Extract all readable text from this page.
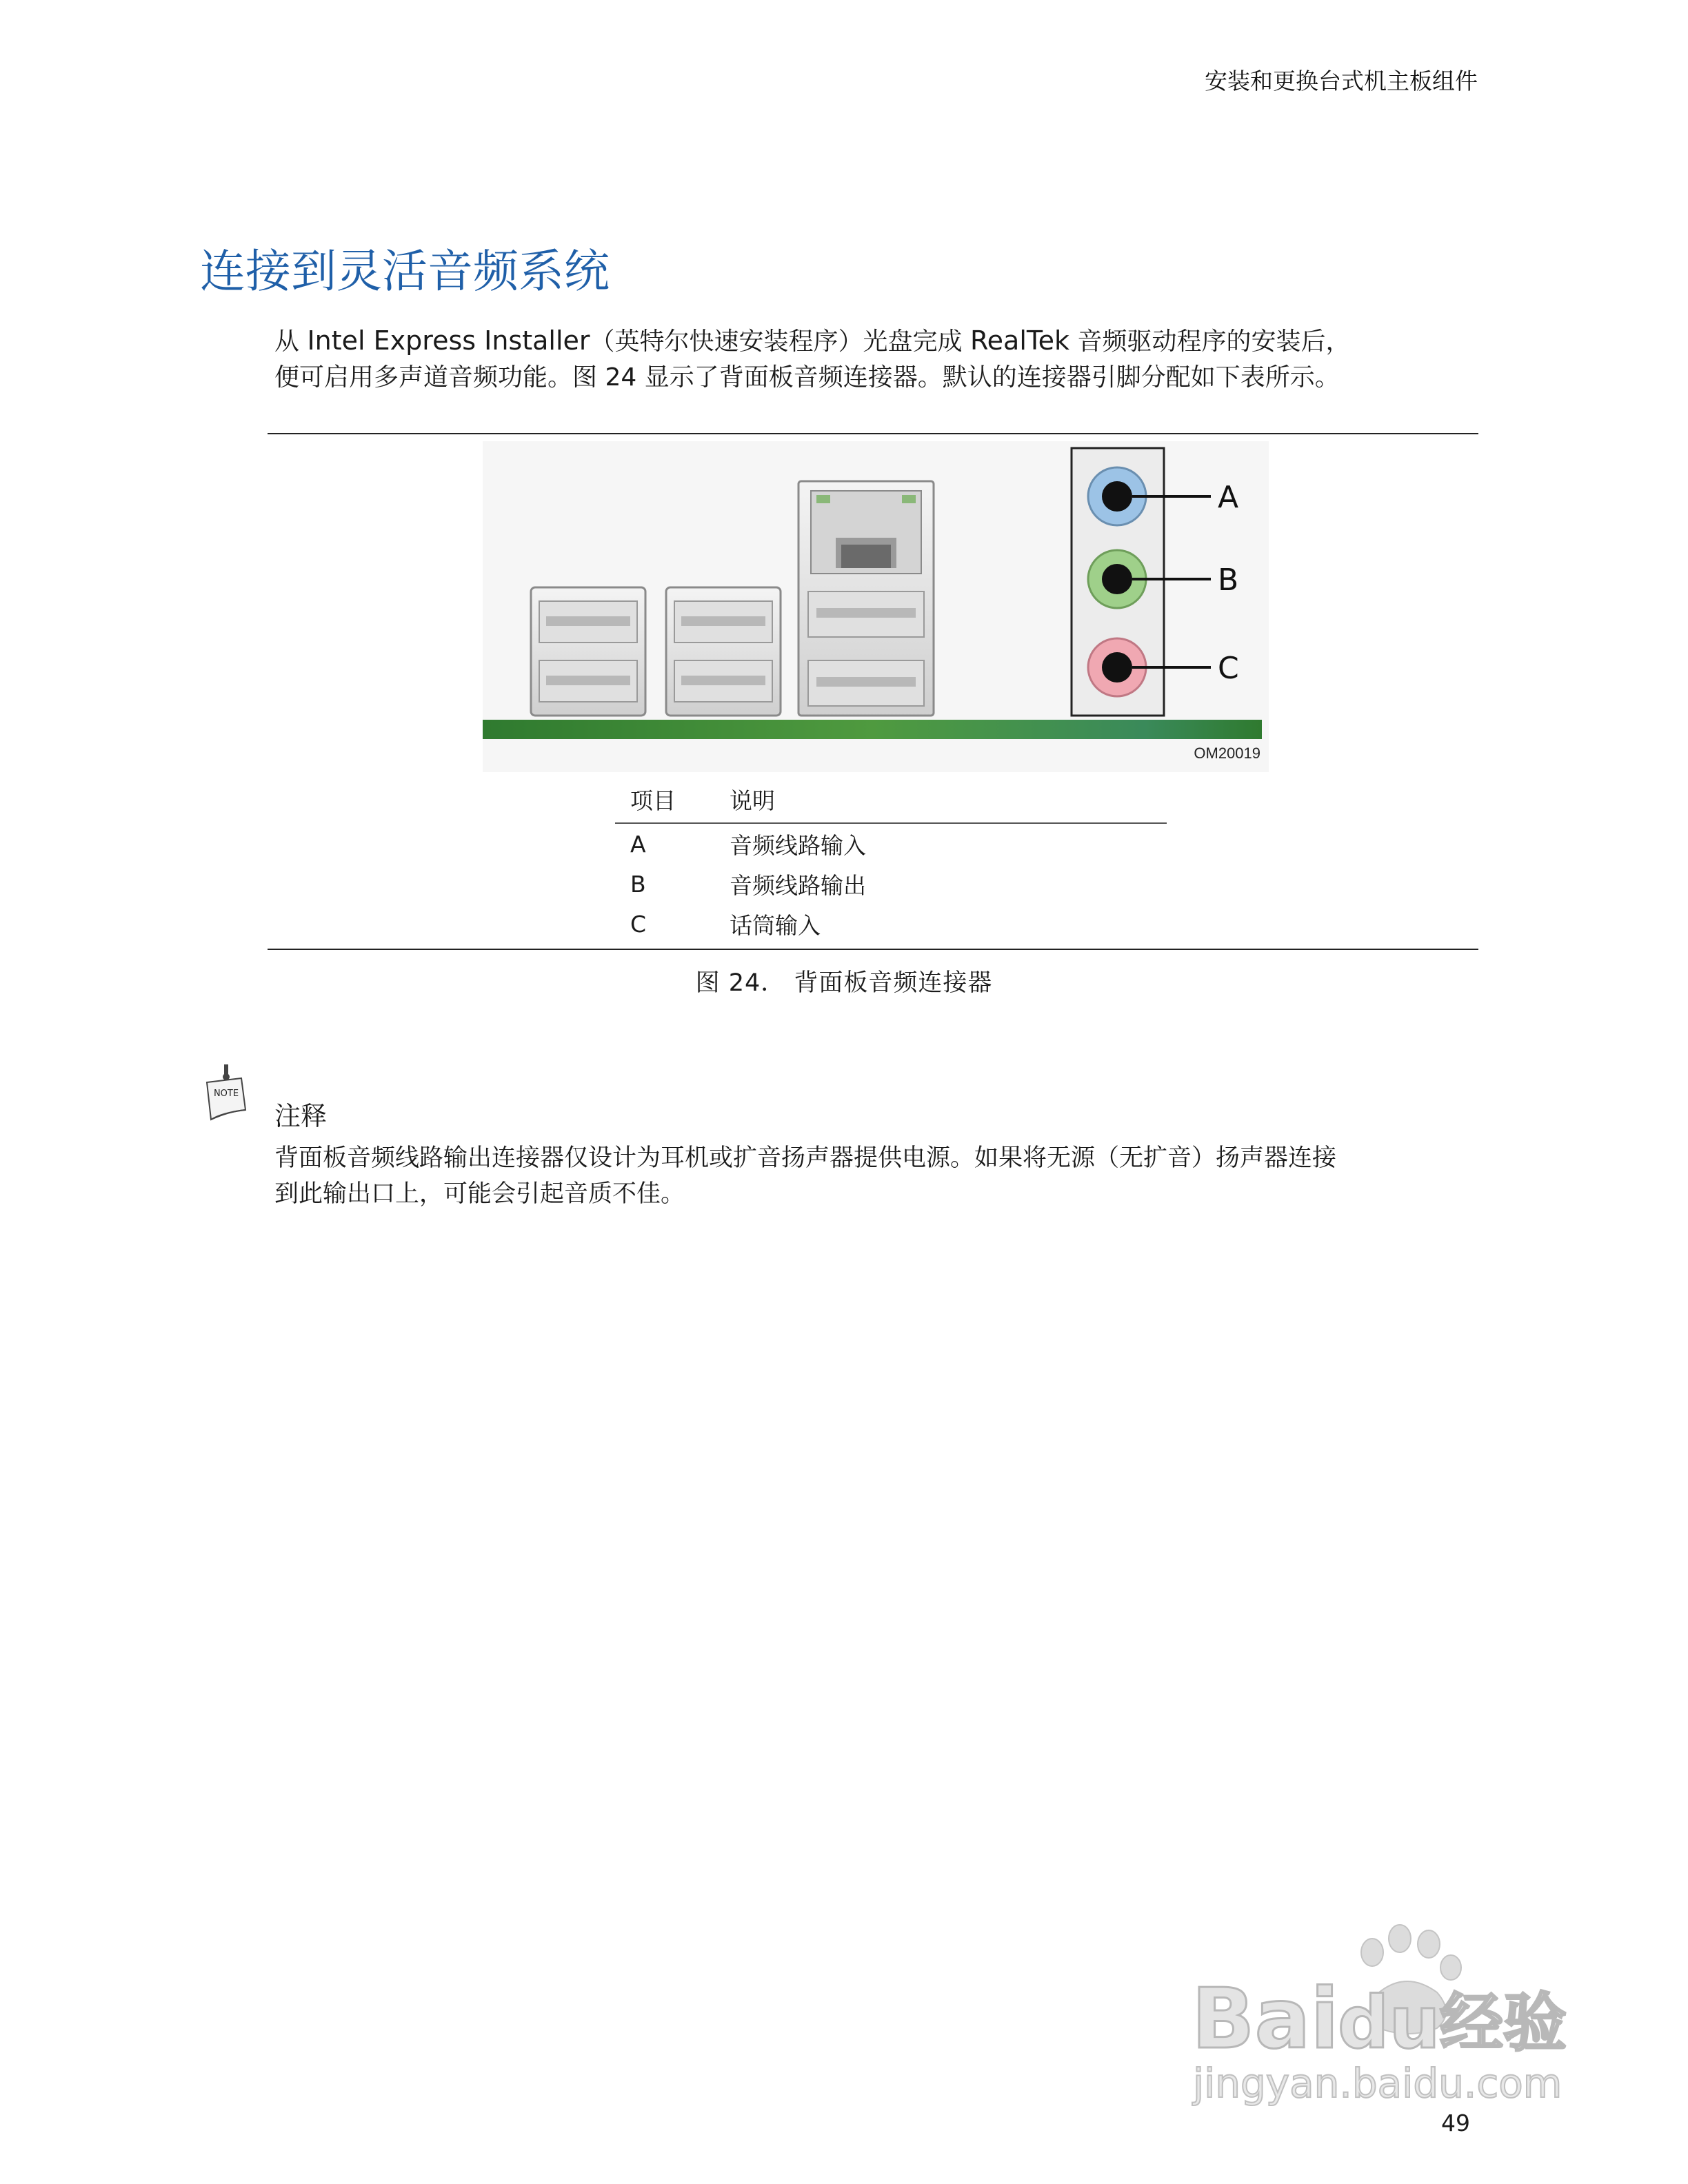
安装和更换台式机主板组件
连接到灵活音频系统

从 Intel Express Installer（英特尔快速安装程序）光盘完成 RealTek 音频驱动程序的安装后，

便可启用多声道音频功能。图 24 显示了背面板音频连接器。默认的连接器引脚分配如下表所示。

A
B
C
OM20019
项目	说明
A	音频线路输入
B	音频线路输出
C	话筒输入
图 24． 背面板音频连接器
NOTE
注释

背面板音频线路输出连接器仅设计为耳机或扩音扬声器提供电源。如果将无源（无扩音）扬声器连接

到此输出口上，可能会引起音质不佳。

Bai
du 经验
jingyan.baidu.com
49
